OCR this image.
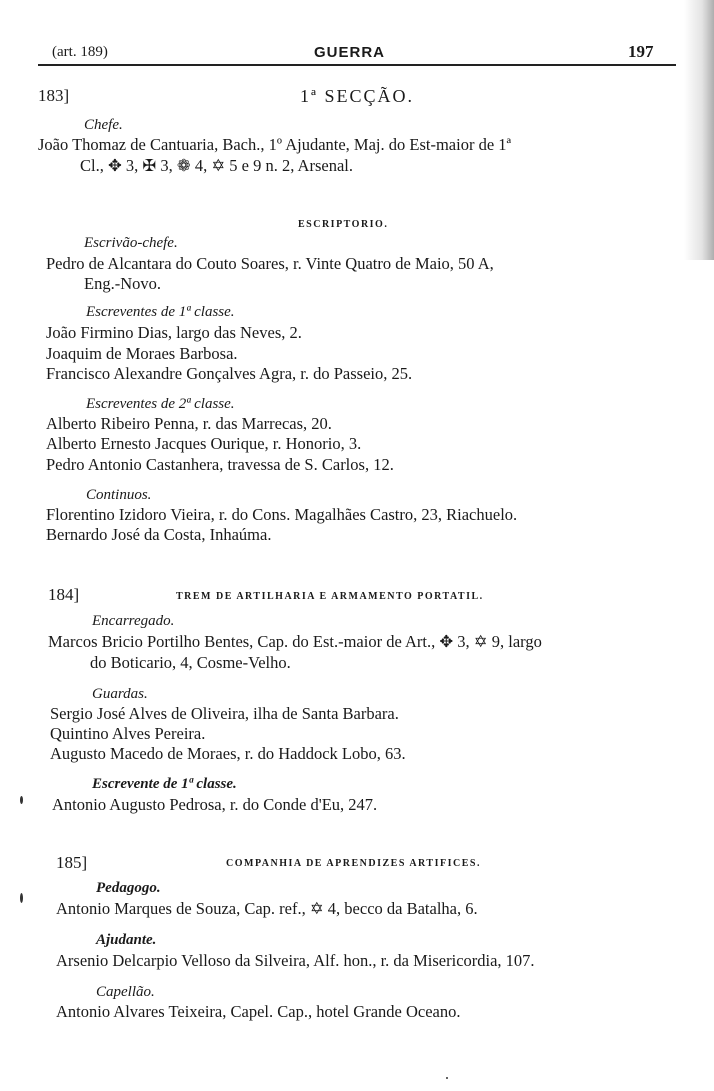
(art. 189)	GUERRA	197
183]	1ª SECÇÃO.
Chefe.
João Thomaz de Cantuaria, Bach., 1º Ajudante, Maj. do Est-maior de 1ª
Cl., ✥ 3, ✠ 3, ❁ 4, ✡ 5 e 9 n. 2, Arsenal.
ESCRIPTORIO.
Escrivão-chefe.
Pedro de Alcantara do Couto Soares, r. Vinte Quatro de Maio, 50 A,
Eng.-Novo.
Escreventes de 1ª classe.
João Firmino Dias, largo das Neves, 2.
Joaquim de Moraes Barbosa.
Francisco Alexandre Gonçalves Agra, r. do Passeio, 25.
Escreventes de 2ª classe.
Alberto Ribeiro Penna, r. das Marrecas, 20.
Alberto Ernesto Jacques Ourique, r. Honorio, 3.
Pedro Antonio Castanhera, travessa de S. Carlos, 12.
Continuos.
Florentino Izidoro Vieira, r. do Cons. Magalhães Castro, 23, Riachuelo.
Bernardo José da Costa, Inhaúma.
184]	TREM DE ARTILHARIA E ARMAMENTO PORTATIL.
Encarregado.
Marcos Bricio Portilho Bentes, Cap. do Est.-maior de Art., ✥ 3, ✡ 9, largo
do Boticario, 4, Cosme-Velho.
Guardas.
Sergio José Alves de Oliveira, ilha de Santa Barbara.
Quintino Alves Pereira.
Augusto Macedo de Moraes, r. do Haddock Lobo, 63.
Escrevente de 1ª classe.
Antonio Augusto Pedrosa, r. do Conde d'Eu, 247.
185]	COMPANHIA DE APRENDIZES ARTIFICES.
Pedagogo.
Antonio Marques de Souza, Cap. ref., ✡ 4, becco da Batalha, 6.
Ajudante.
Arsenio Delcarpio Velloso da Silveira, Alf. hon., r. da Misericordia, 107.
Capellão.
Antonio Alvares Teixeira, Capel. Cap., hotel Grande Oceano.
